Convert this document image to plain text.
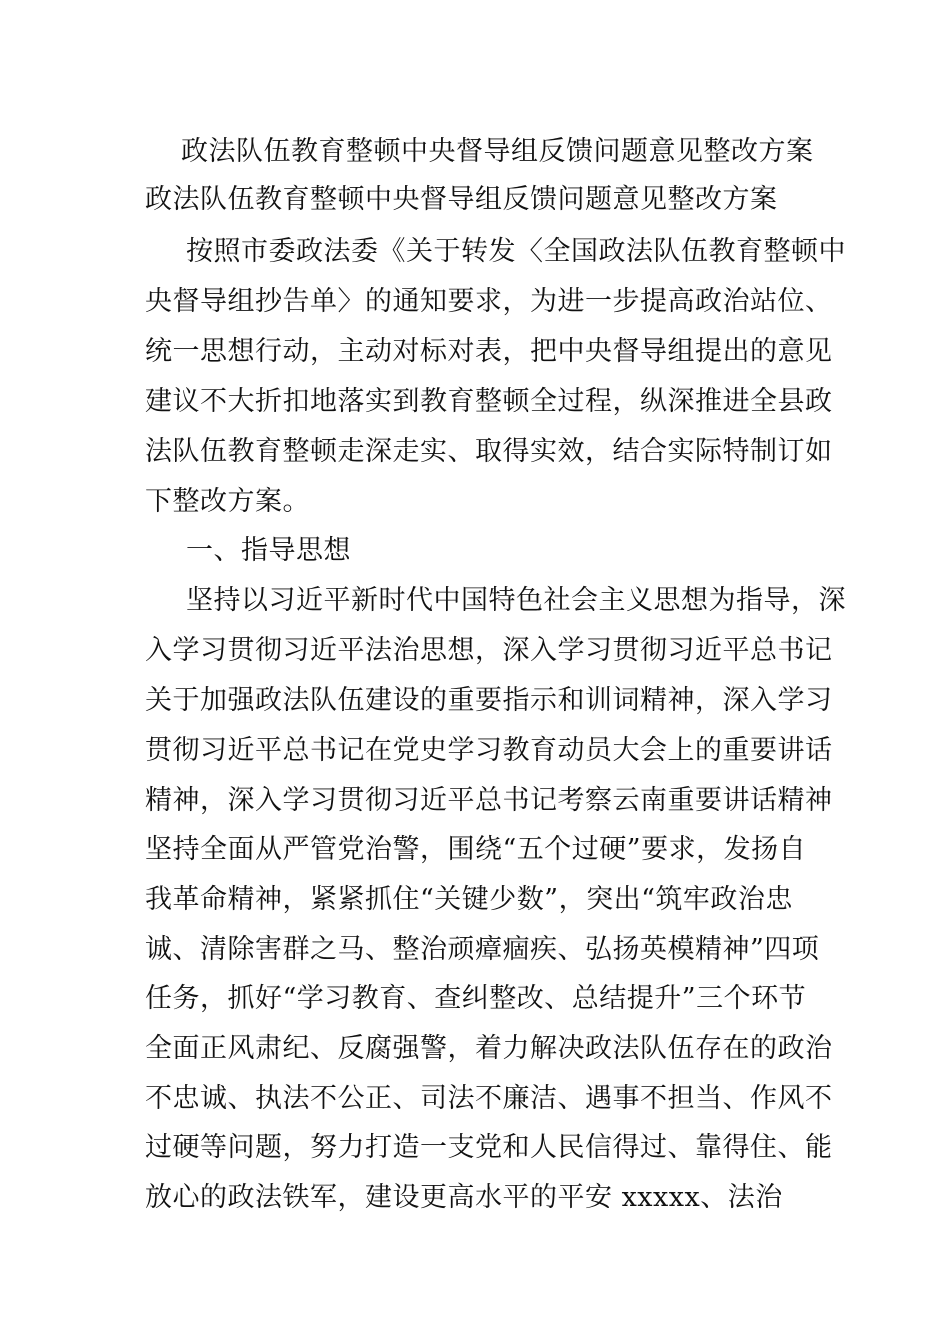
政法队伍教育整顿中央督导组反馈问题意见整改方案
政法队伍教育整顿中央督导组反馈问题意见整改方案
按照市委政法委《关于转发〈全国政法队伍教育整顿中
央督导组抄告单〉的通知要求，为进一步提高政治站位、
统一思想行动，主动对标对表，把中央督导组提出的意见
建议不大折扣地落实到教育整顿全过程，纵深推进全县政
法队伍教育整顿走深走实、取得实效，结合实际特制订如
下整改方案。
一、指导思想
坚持以习近平新时代中国特色社会主义思想为指导，深
入学习贯彻习近平法治思想，深入学习贯彻习近平总书记
关于加强政法队伍建设的重要指示和训词精神，深入学习
贯彻习近平总书记在党史学习教育动员大会上的重要讲话
精神，深入学习贯彻习近平总书记考察云南重要讲话精神
坚持全面从严管党治警，围绕“五个过硬”要求，发扬自
我革命精神，紧紧抓住“关键少数”，突出“筑牢政治忠
诚、清除害群之马、整治顽瘴痼疾、弘扬英模精神”四项
任务，抓好“学习教育、查纠整改、总结提升”三个环节
全面正风肃纪、反腐强警，着力解决政法队伍存在的政治
不忠诚、执法不公正、司法不廉洁、遇事不担当、作风不
过硬等问题，努力打造一支党和人民信得过、靠得住、能
放心的政法铁军，建设更高水平的平安 xxxxx、法治
